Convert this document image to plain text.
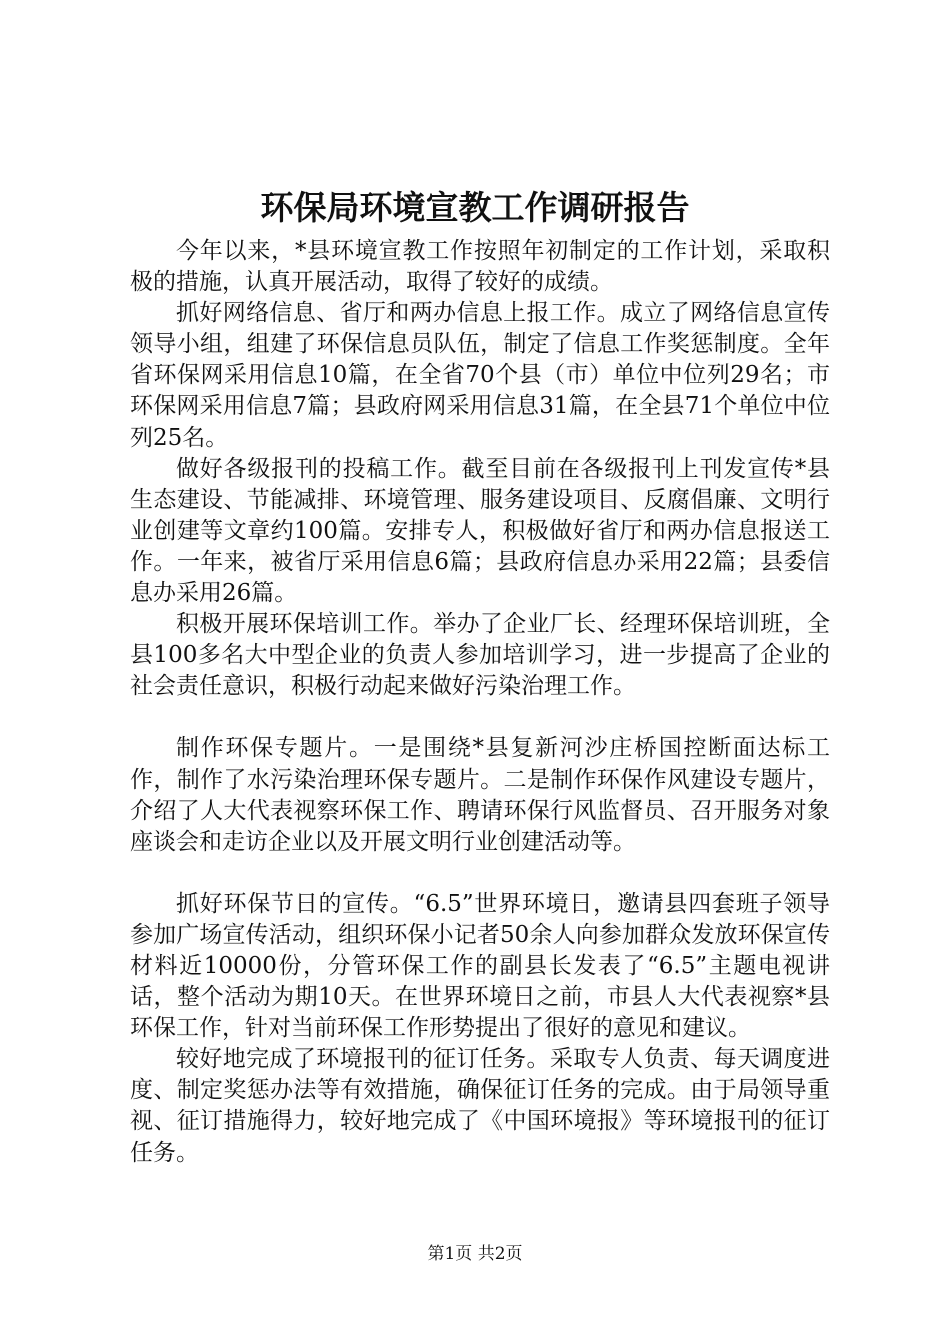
环保局环境宣教工作调研报告

今年以来，*县环境宣教工作按照年初制定的工作计划，采取积极的措施，认真开展活动，取得了较好的成绩。

抓好网络信息、省厅和两办信息上报工作。成立了网络信息宣传领导小组，组建了环保信息员队伍，制定了信息工作奖惩制度。全年省环保网采用信息10篇，在全省70个县（市）单位中位列29名；市环保网采用信息7篇；县政府网采用信息31篇，在全县71个单位中位列25名。

做好各级报刊的投稿工作。截至目前在各级报刊上刊发宣传*县生态建设、节能减排、环境管理、服务建设项目、反腐倡廉、文明行业创建等文章约100篇。安排专人，积极做好省厅和两办信息报送工作。一年来，被省厅采用信息6篇；县政府信息办采用22篇；县委信息办采用26篇。

积极开展环保培训工作。举办了企业厂长、经理环保培训班，全县100多名大中型企业的负责人参加培训学习，进一步提高了企业的社会责任意识，积极行动起来做好污染治理工作。

制作环保专题片。一是围绕*县复新河沙庄桥国控断面达标工作，制作了水污染治理环保专题片。二是制作环保作风建设专题片，介绍了人大代表视察环保工作、聘请环保行风监督员、召开服务对象座谈会和走访企业以及开展文明行业创建活动等。

抓好环保节日的宣传。“6.5”世界环境日，邀请县四套班子领导参加广场宣传活动，组织环保小记者50余人向参加群众发放环保宣传材料近10000份，分管环保工作的副县长发表了“6.5”主题电视讲话，整个活动为期10天。在世界环境日之前，市县人大代表视察*县环保工作，针对当前环保工作形势提出了很好的意见和建议。

较好地完成了环境报刊的征订任务。采取专人负责、每天调度进度、制定奖惩办法等有效措施，确保征订任务的完成。由于局领导重视、征订措施得力，较好地完成了《中国环境报》等环境报刊的征订任务。

第1页 共2页
